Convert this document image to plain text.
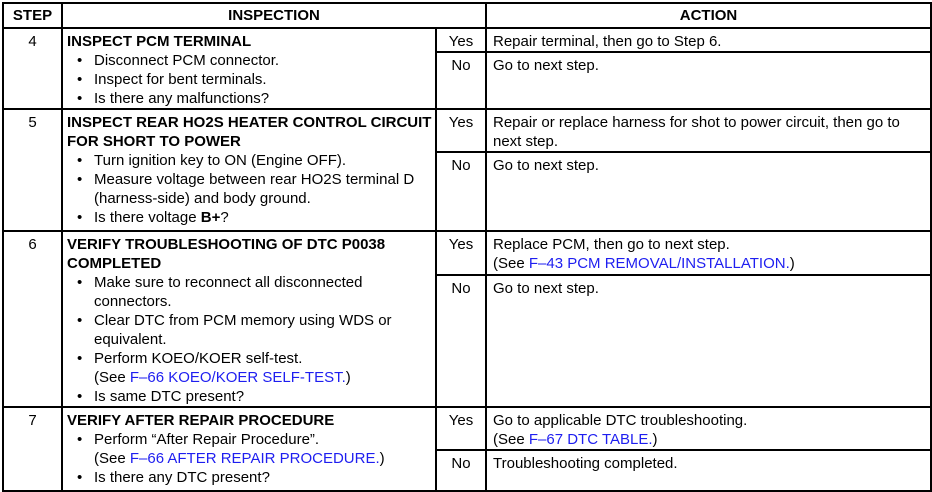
STEP	INSPECTION		ACTION
4	INSPECT PCM TERMINAL
• Disconnect PCM connector.
• Inspect for bent terminals.
• Is there any malfunctions?
	Yes	Repair terminal, then go to Step 6.

		No	Go to next step.

5	INSPECT REAR HO2S HEATER CONTROL CIRCUIT FOR SHORT TO POWER
• Turn ignition key to ON (Engine OFF).
• Measure voltage between rear HO2S terminal D (harness-side) and body ground.
• Is there voltage B+?
	Yes	Repair or replace harness for shot to power circuit, then go to next step.

		No	Go to next step.

6	VERIFY TROUBLESHOOTING OF DTC P0038 COMPLETED
• Make sure to reconnect all disconnected connectors.
• Clear DTC from PCM memory using WDS or equivalent.
• Perform KOEO/KOER self-test.
(See F–66 KOEO/KOER SELF-TEST.)
• Is same DTC present?
	Yes	Replace PCM, then go to next step.
(See F–43 PCM REMOVAL/INSTALLATION.)

		No	Go to next step.

7	VERIFY AFTER REPAIR PROCEDURE
• Perform “After Repair Procedure”.
(See F–66 AFTER REPAIR PROCEDURE.)
• Is there any DTC present?
	Yes	Go to applicable DTC troubleshooting.
(See F–67 DTC TABLE.)

		No	Troubleshooting completed.
